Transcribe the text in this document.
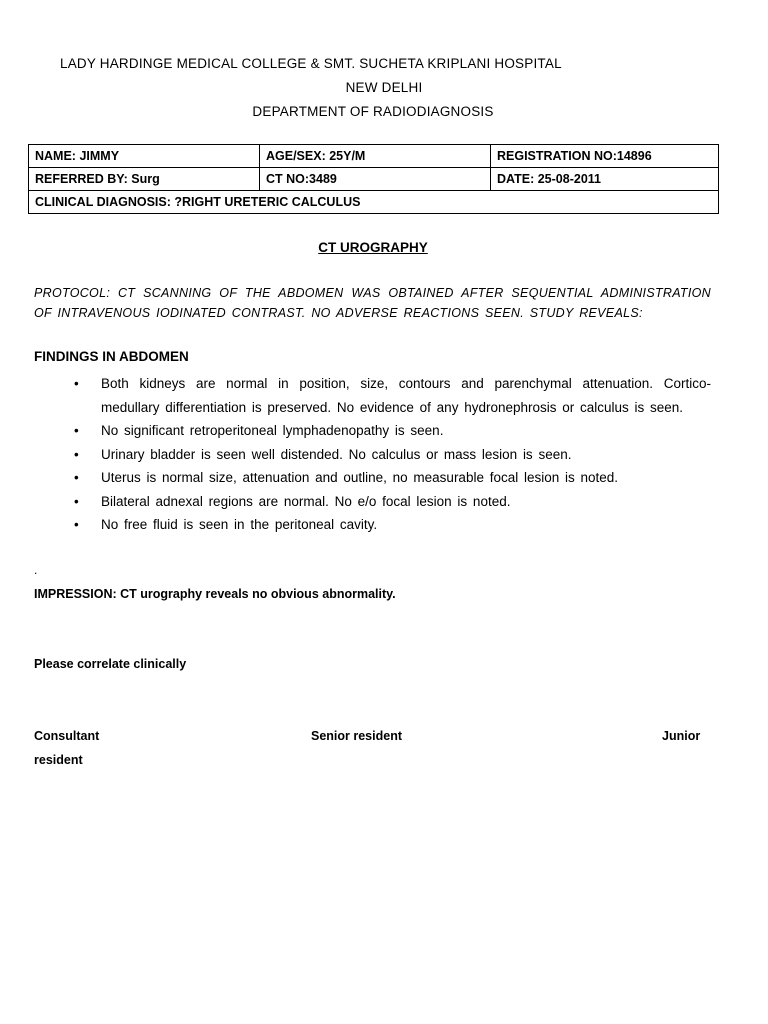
LADY HARDINGE MEDICAL COLLEGE & SMT. SUCHETA KRIPLANI HOSPITAL
NEW DELHI
DEPARTMENT OF RADIODIAGNOSIS
NAME: JIMMY	AGE/SEX: 25Y/M	REGISTRATION NO:14896
REFERRED BY: Surg	CT NO:3489	DATE: 25-08-2011
CLINICAL DIAGNOSIS: ?RIGHT URETERIC CALCULUS		
CT UROGRAPHY
PROTOCOL: CT SCANNING OF THE ABDOMEN WAS OBTAINED AFTER SEQUENTIAL ADMINISTRATION OF INTRAVENOUS IODINATED CONTRAST. NO ADVERSE REACTIONS SEEN. STUDY REVEALS:
FINDINGS IN ABDOMEN
• Both kidneys are normal in position, size, contours and parenchymal attenuation. Cortico-medullary differentiation is preserved. No evidence of any hydronephrosis or calculus is seen.
• No significant retroperitoneal lymphadenopathy is seen.
• Urinary bladder is seen well distended. No calculus or mass lesion is seen.
• Uterus is normal size, attenuation and outline, no measurable focal lesion is noted.
• Bilateral adnexal regions are normal. No e/o focal lesion is noted.
• No free fluid is seen in the peritoneal cavity.
.
IMPRESSION: CT urography reveals no obvious abnormality.
Please correlate clinically
Consultant	Senior resident	Junior
resident
